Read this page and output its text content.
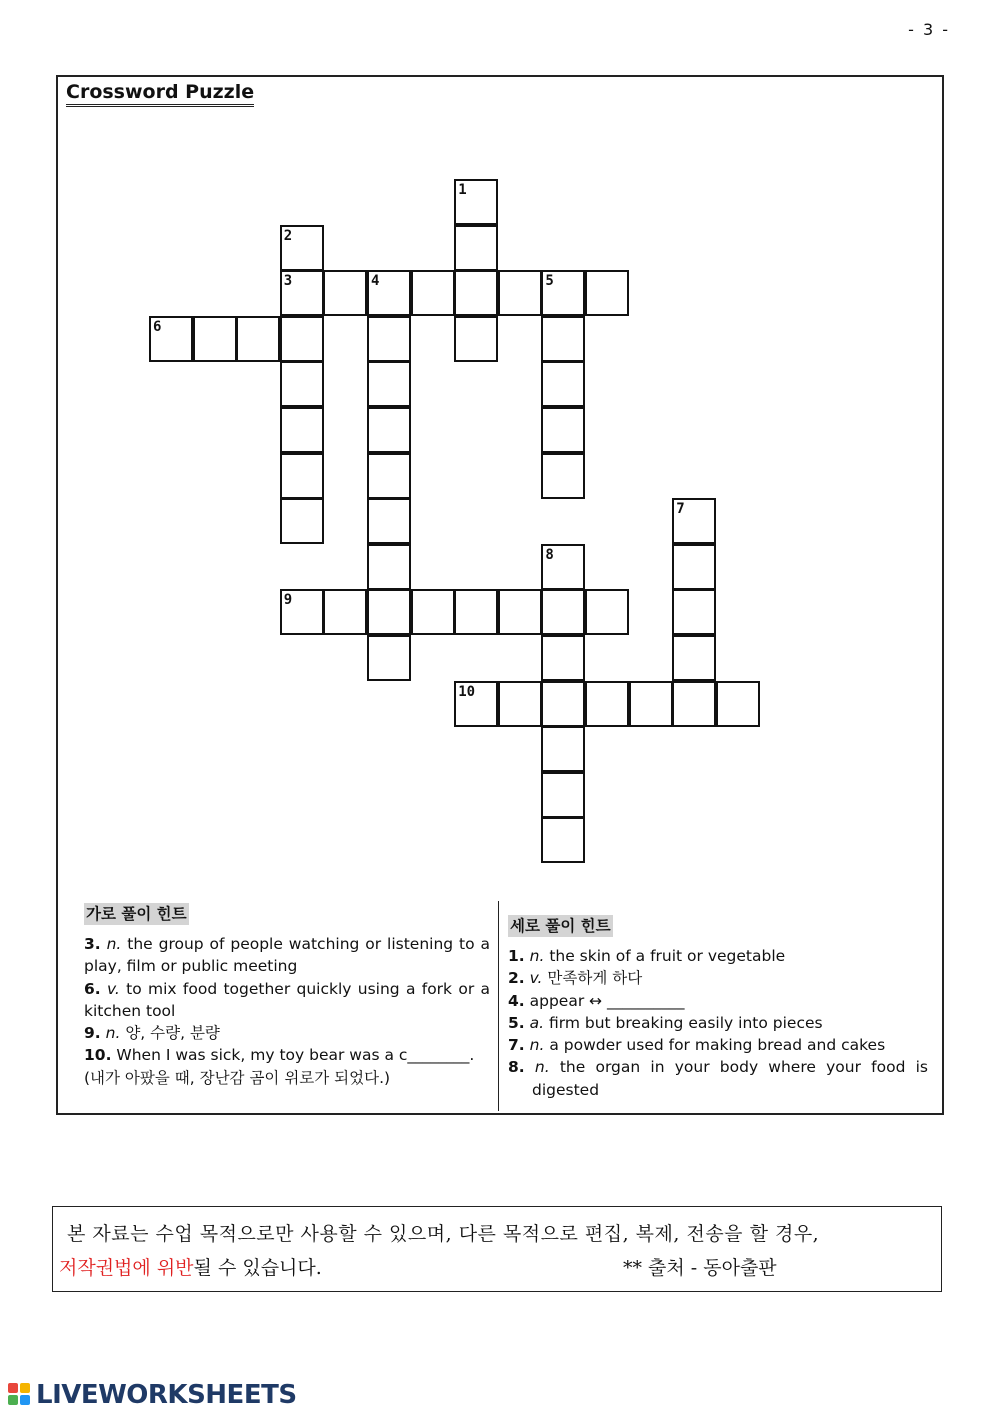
- 3 -
Crossword Puzzle
1
2
3	4	5
6
7
8
9
10
가로 풀이 힌트
3. n. the group of people watching or listening to a play, film or public meeting
6. v. to mix food together quickly using a fork or a kitchen tool
9. n. 양, 수량, 분량
10. When I was sick, my toy bear was a c________.
(내가 아팠을 때, 장난감 곰이 위로가 되었다.)
세로 풀이 힌트
1. n. the skin of a fruit or vegetable
2. v. 만족하게 하다
4. appear ↔ __________
5. a. firm but breaking easily into pieces
7. n. a powder used for making bread and cakes
8. n. the organ in your body where your food is digested
본 자료는 수업 목적으로만 사용할 수 있으며, 다른 목적으로 편집, 복제, 전송을 할 경우,
저작권법에 위반될 수 있습니다.	** 출처 - 동아출판
LIVEWORKSHEETS
